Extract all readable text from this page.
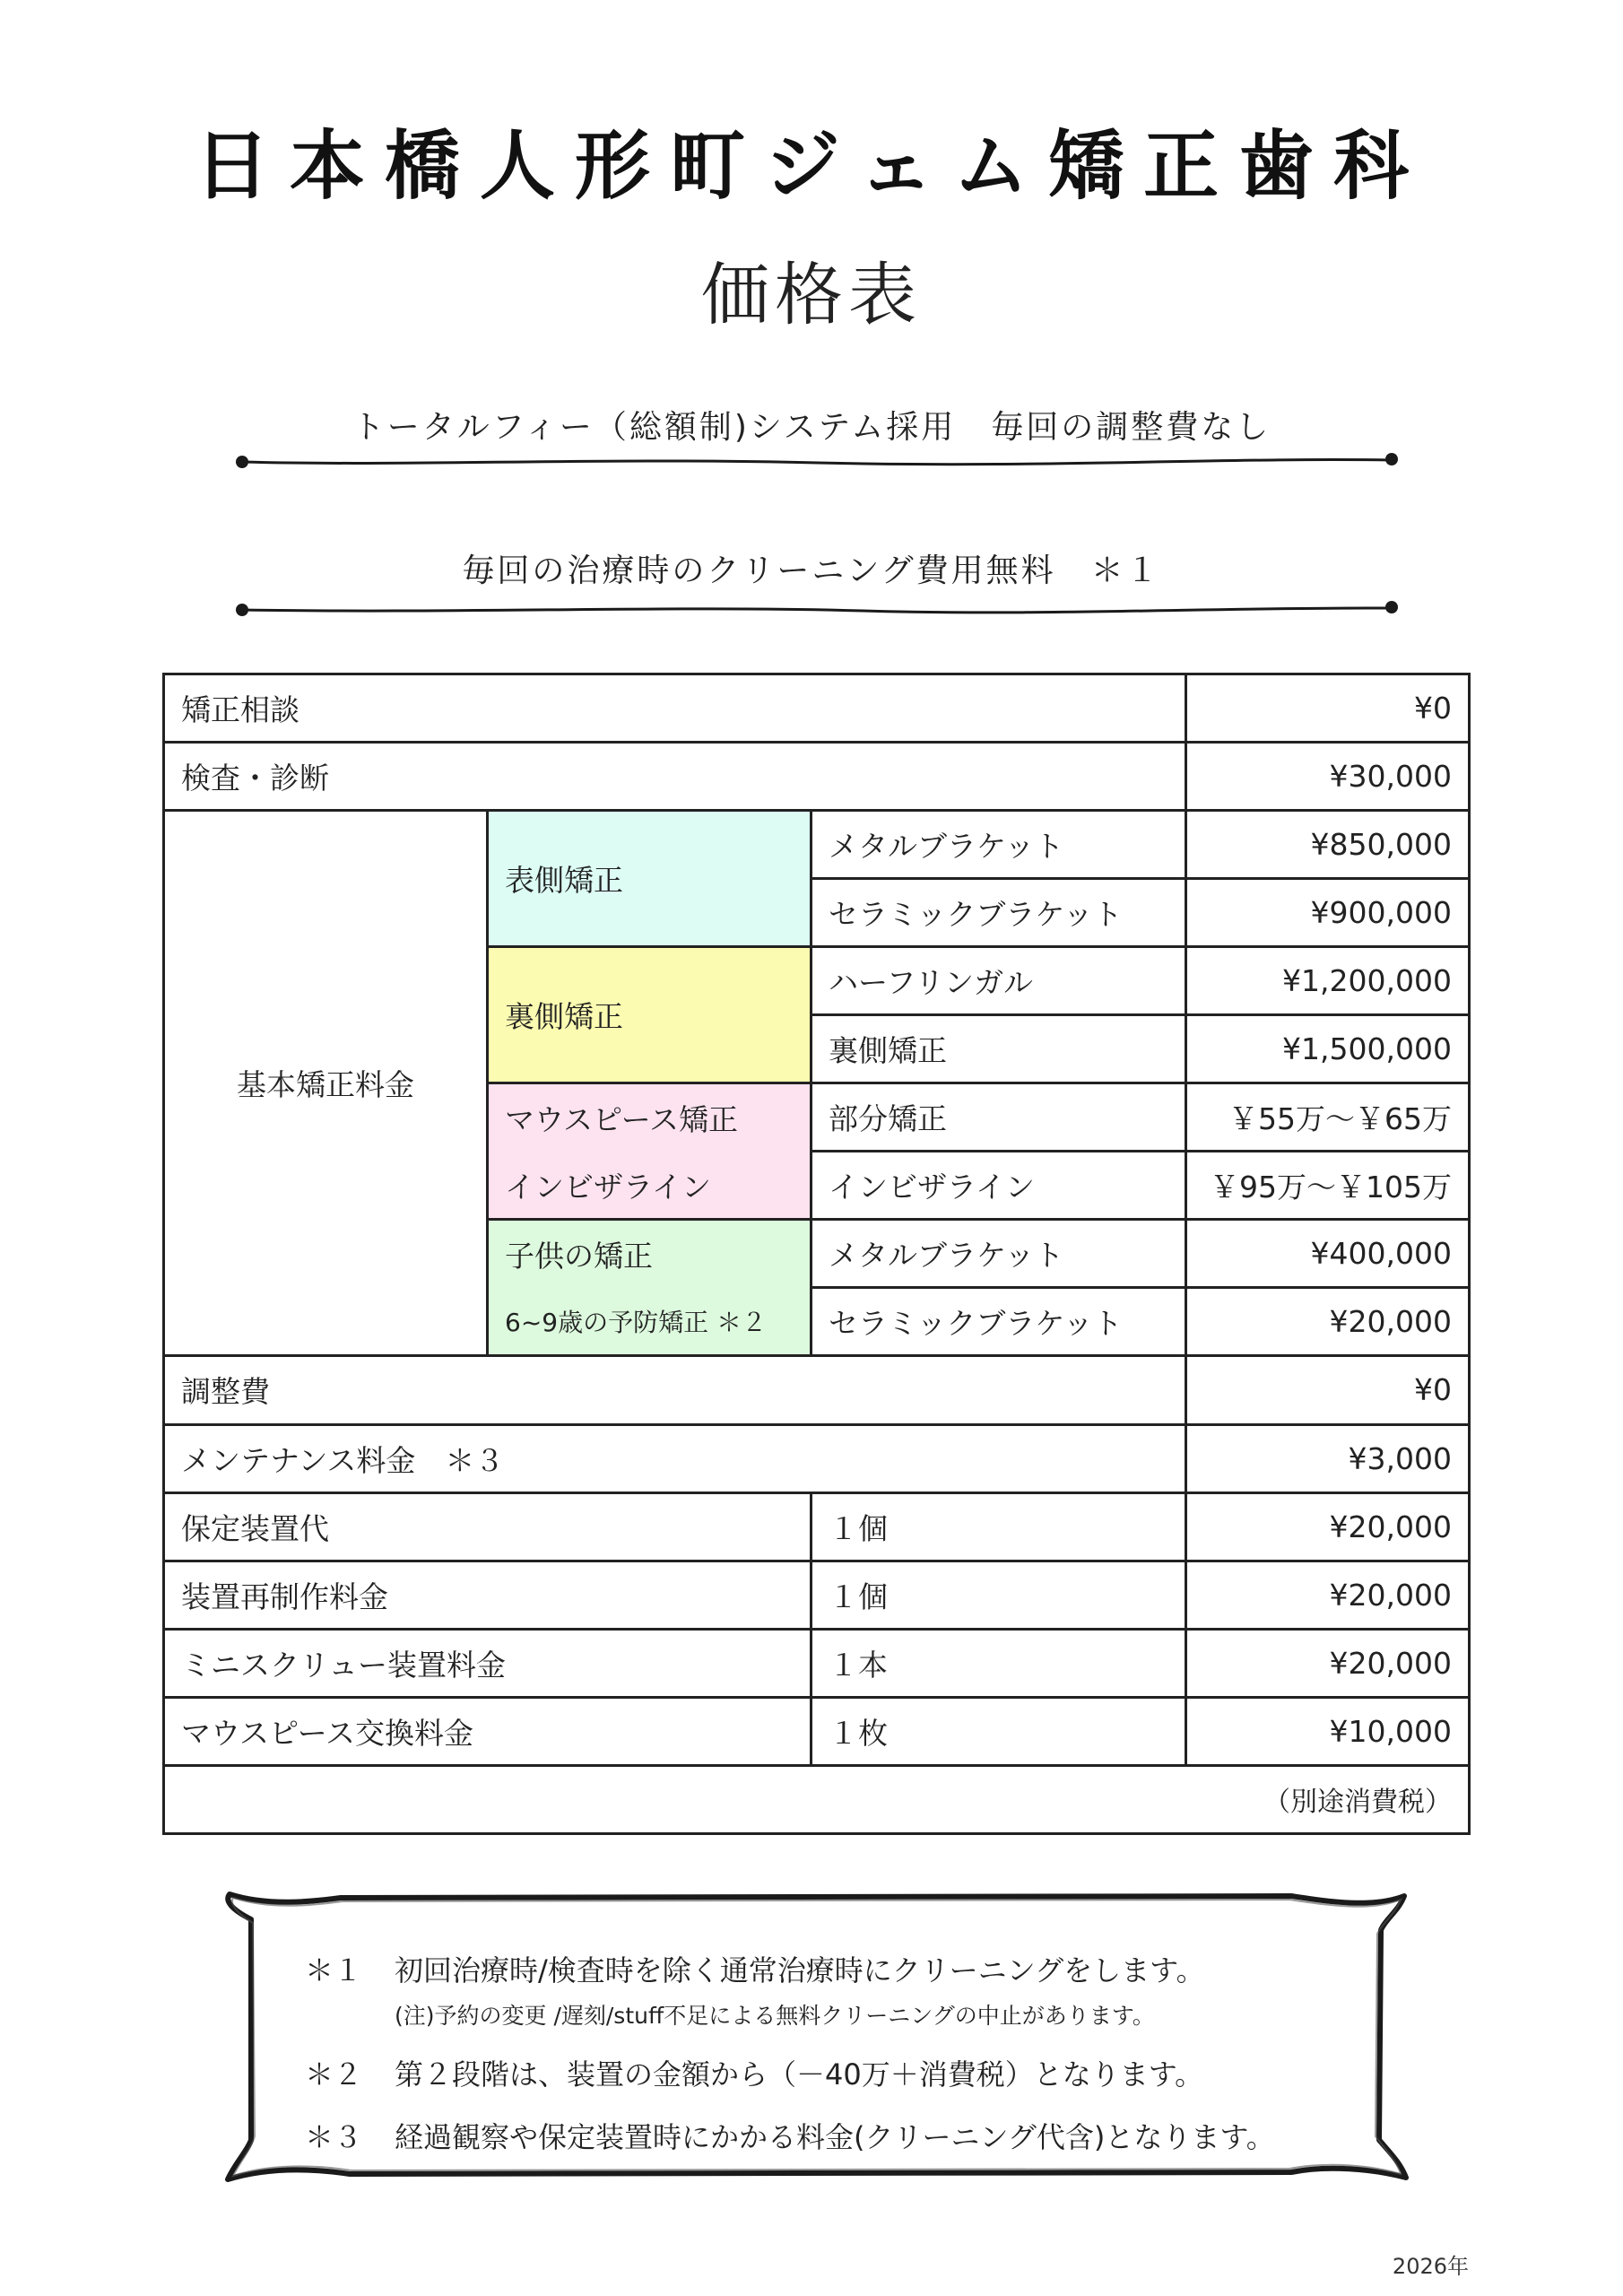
日本橋人形町ジェム矯正歯科
価格表
トータルフィー（総額制)システム採用　毎回の調整費なし
毎回の治療時のクリーニング費用無料　＊１
矯正相談			¥0
検査・診断			¥30,000
基本矯正料金	表側矯正	メタルブラケット	¥850,000
		セラミックブラケット	¥900,000
	裏側矯正	ハーフリンガル	¥1,200,000
		裏側矯正	¥1,500,000
	マウスピース矯正	部分矯正	￥55万～￥65万
	インビザライン	インビザライン	￥95万～￥105万
	子供の矯正	メタルブラケット	¥400,000
	6~9歳の予防矯正 ＊２	セラミックブラケット	¥20,000
調整費			¥0
メンテナンス料金　＊３			¥3,000
保定装置代		１個	¥20,000
装置再制作料金		１個	¥20,000
ミニスクリュー装置料金		１本	¥20,000
マウスピース交換料金		１枚	¥10,000
（別途消費税）			
＊１	初回治療時/検査時を除く通常治療時にクリーニングをします。
(注)予約の変更 /遅刻/stuff不足による無料クリーニングの中止があります。
＊２	第２段階は、装置の金額から（－40万＋消費税）となります。
＊３	経過観察や保定装置時にかかる料金(クリーニング代含)となります。
2026年
